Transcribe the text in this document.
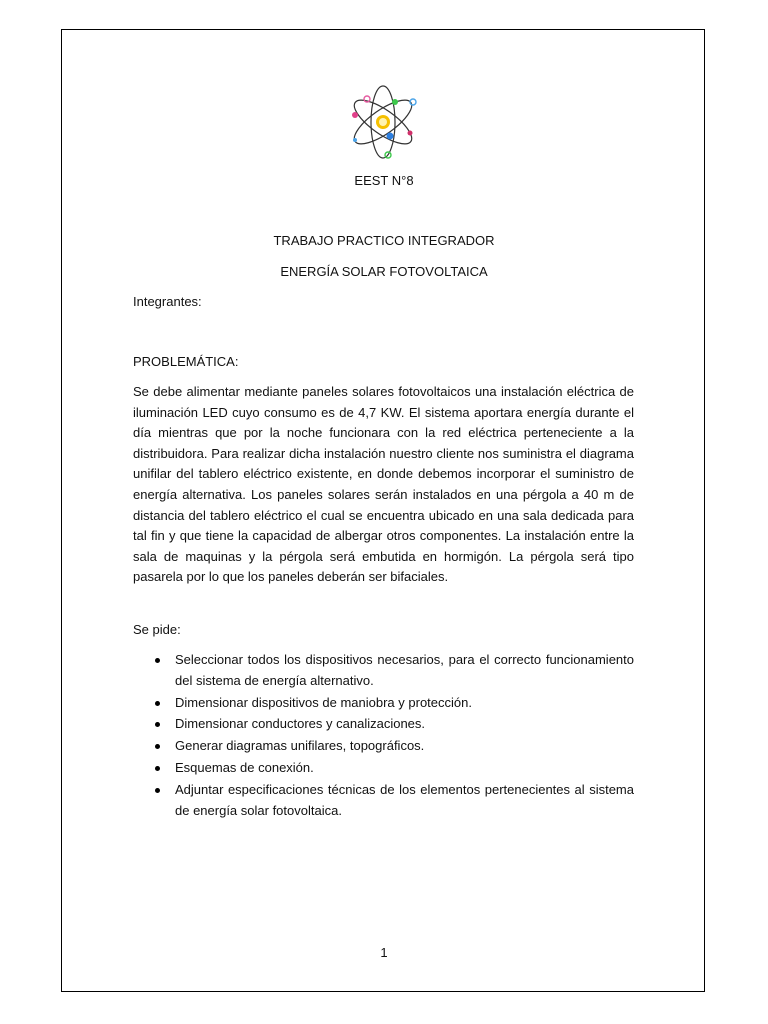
EEST N°8
TRABAJO PRACTICO INTEGRADOR
ENERGÍA SOLAR FOTOVOLTAICA
Integrantes:
PROBLEMÁTICA:

Se debe alimentar mediante paneles solares fotovoltaicos una instalación eléctrica de iluminación LED cuyo consumo es de 4,7 KW. El sistema aportara energía durante el día mientras que por la noche funcionara con la red eléctrica perteneciente a la distribuidora. Para realizar dicha instalación nuestro cliente nos suministra el diagrama unifilar del tablero eléctrico existente, en donde debemos incorporar el suministro de energía alternativa. Los paneles solares serán instalados en una pérgola a 40 m de distancia del tablero eléctrico el cual se encuentra ubicado en una sala dedicada para tal fin y que tiene la capacidad de albergar otros componentes. La instalación entre la sala de maquinas y la pérgola será embutida en hormigón. La pérgola será tipo pasarela por lo que los paneles deberán ser bifaciales.

Se pide:
Seleccionar todos los dispositivos necesarios, para el correcto funcionamiento del sistema de energía alternativo.
Dimensionar dispositivos de maniobra y protección.
Dimensionar conductores y canalizaciones.
Generar diagramas unifilares, topográficos.
Esquemas de conexión.
Adjuntar especificaciones técnicas de los elementos pertenecientes al sistema de energía solar fotovoltaica.
1
